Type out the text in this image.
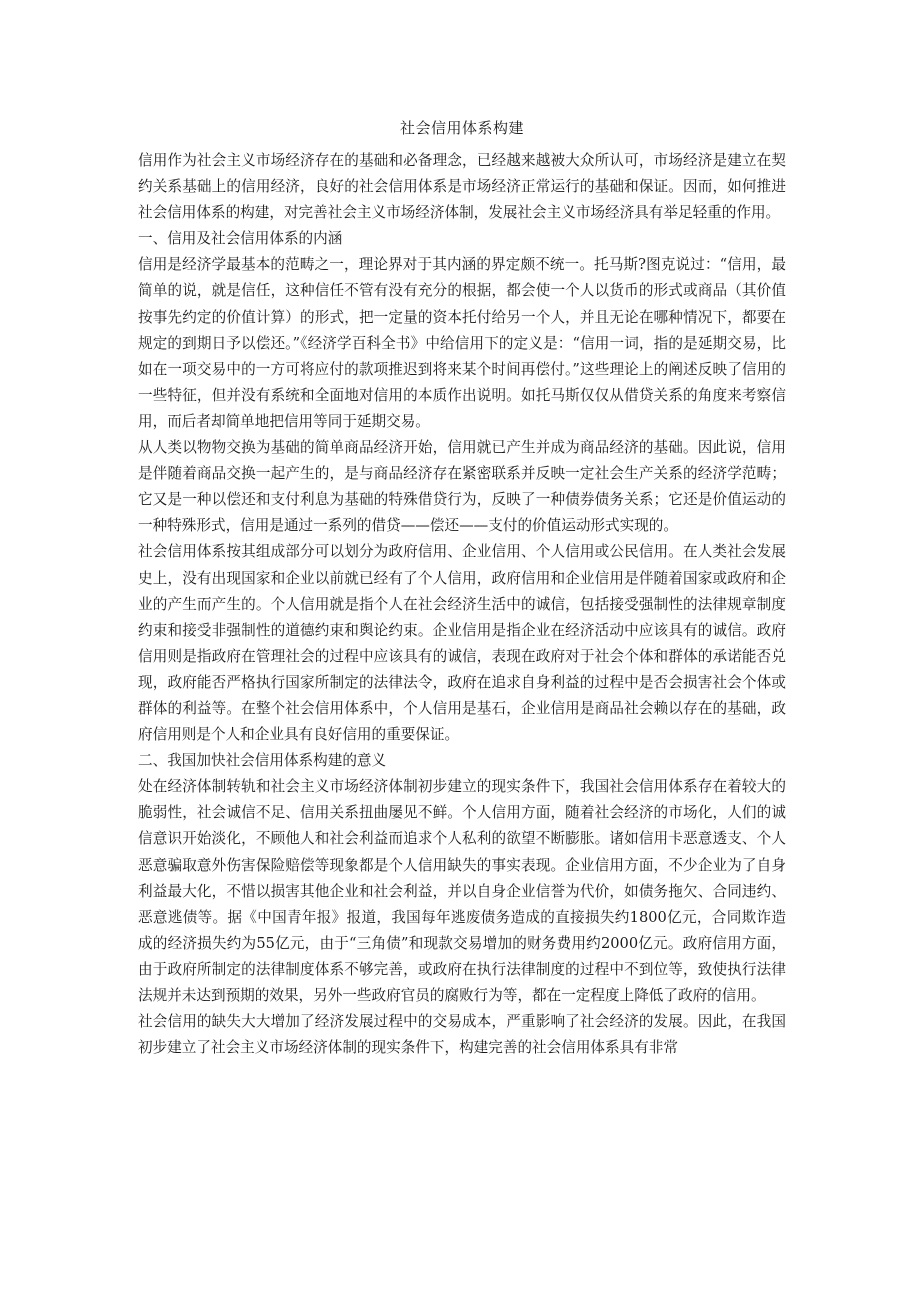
社会信用体系构建

信用作为社会主义市场经济存在的基础和必备理念，已经越来越被大众所认可，市场经济是建立在契约关系基础上的信用经济，良好的社会信用体系是市场经济正常运行的基础和保证。因而，如何推进社会信用体系的构建，对完善社会主义市场经济体制，发展社会主义市场经济具有举足轻重的作用。

一、信用及社会信用体系的内涵

信用是经济学最基本的范畴之一，理论界对于其内涵的界定颇不统一。托马斯?图克说过：“信用，最简单的说，就是信任，这种信任不管有没有充分的根据，都会使一个人以货币的形式或商品（其价值按事先约定的价值计算）的形式，把一定量的资本托付给另一个人，并且无论在哪种情况下，都要在规定的到期日予以偿还。”《经济学百科全书》中给信用下的定义是：“信用一词，指的是延期交易，比如在一项交易中的一方可将应付的款项推迟到将来某个时间再偿付。”这些理论上的阐述反映了信用的一些特征，但并没有系统和全面地对信用的本质作出说明。如托马斯仅仅从借贷关系的角度来考察信用，而后者却简单地把信用等同于延期交易。

从人类以物物交换为基础的简单商品经济开始，信用就已产生并成为商品经济的基础。因此说，信用是伴随着商品交换一起产生的，是与商品经济存在紧密联系并反映一定社会生产关系的经济学范畴；它又是一种以偿还和支付利息为基础的特殊借贷行为，反映了一种债券债务关系；它还是价值运动的一种特殊形式，信用是通过一系列的借贷——偿还——支付的价值运动形式实现的。

社会信用体系按其组成部分可以划分为政府信用、企业信用、个人信用或公民信用。在人类社会发展史上，没有出现国家和企业以前就已经有了个人信用，政府信用和企业信用是伴随着国家或政府和企业的产生而产生的。个人信用就是指个人在社会经济生活中的诚信，包括接受强制性的法律规章制度约束和接受非强制性的道德约束和舆论约束。企业信用是指企业在经济活动中应该具有的诚信。政府信用则是指政府在管理社会的过程中应该具有的诚信，表现在政府对于社会个体和群体的承诺能否兑现，政府能否严格执行国家所制定的法律法令，政府在追求自身利益的过程中是否会损害社会个体或群体的利益等。在整个社会信用体系中，个人信用是基石，企业信用是商品社会赖以存在的基础，政府信用则是个人和企业具有良好信用的重要保证。

二、我国加快社会信用体系构建的意义

处在经济体制转轨和社会主义市场经济体制初步建立的现实条件下，我国社会信用体系存在着较大的脆弱性，社会诚信不足、信用关系扭曲屡见不鲜。个人信用方面，随着社会经济的市场化，人们的诚信意识开始淡化，不顾他人和社会利益而追求个人私利的欲望不断膨胀。诸如信用卡恶意透支、个人恶意骗取意外伤害保险赔偿等现象都是个人信用缺失的事实表现。企业信用方面，不少企业为了自身利益最大化，不惜以损害其他企业和社会利益，并以自身企业信誉为代价，如债务拖欠、合同违约、恶意逃债等。据《中国青年报》报道，我国每年逃废债务造成的直接损失约1800亿元，合同欺诈造成的经济损失约为55亿元，由于“三角债”和现款交易增加的财务费用约2000亿元。政府信用方面，由于政府所制定的法律制度体系不够完善，或政府在执行法律制度的过程中不到位等，致使执行法律法规并未达到预期的效果，另外一些政府官员的腐败行为等，都在一定程度上降低了政府的信用。

社会信用的缺失大大增加了经济发展过程中的交易成本，严重影响了社会经济的发展。因此，在我国初步建立了社会主义市场经济体制的现实条件下，构建完善的社会信用体系具有非常
